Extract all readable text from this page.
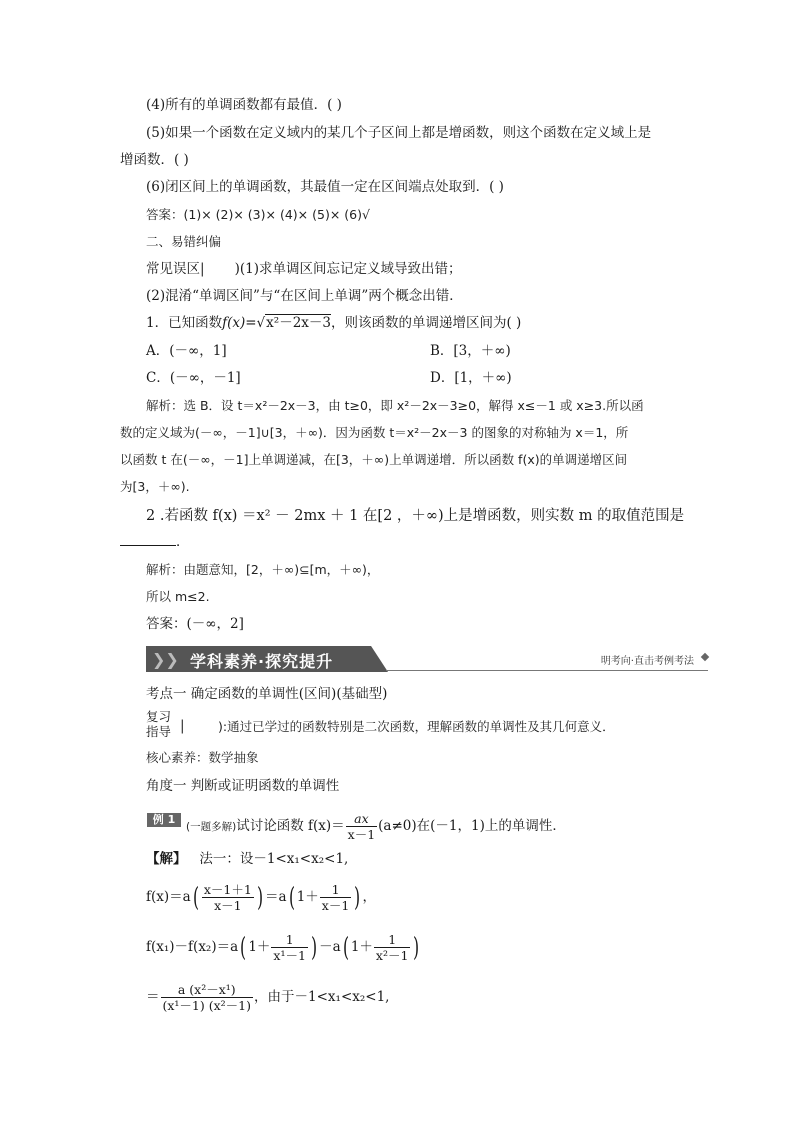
(4)所有的单调函数都有最值．( )
(5)如果一个函数在定义域内的某几个子区间上都是增函数，则这个函数在定义域上是
增函数．( )
(6)闭区间上的单调函数，其最值一定在区间端点处取到．( )
答案：(1)× (2)× (3)× (4)× (5)× (6)√
二、易错纠偏
常见误区| )(1)求单调区间忘记定义域导致出错；
(2)混淆“单调区间”与“在区间上单调”两个概念出错．
1．已知函数f(x)=√x²－2x－3，则该函数的单调递增区间为( )
A．(－∞，1]	B．[3，＋∞)
C．(－∞，－1]	D．[1，＋∞)
解析：选 B．设 t＝x²－2x－3，由 t≥0，即 x²－2x－3≥0，解得 x≤－1 或 x≥3.所以函
数的定义域为(－∞，－1]∪[3，＋∞)．因为函数 t＝x²－2x－3 的图象的对称轴为 x＝1，所
以函数 t 在(－∞，－1]上单调递减，在[3，＋∞)上单调递增．所以函数 f(x)的单调递增区间
为[3，＋∞).
2 .若函数 f(x) ＝x² － 2mx ＋ 1 在[2 ，＋∞)上是增函数，则实数 m 的取值范围是
．
解析：由题意知，[2，＋∞)⊆[m，＋∞)，
所以 m≤2.
答案：(－∞，2]
❯❯ 学科素养·探究提升	明考向·直击考例考法
考点一 确定函数的单调性(区间)(基础型)
复习
指导 |	):通过已学过的函数特别是二次函数，理解函数的单调性及其几何意义．
核心素养：数学抽象
角度一 判断或证明函数的单调性
例 1
(一题多解)试讨论函数 $f(x)= \frac{ax}{x-1} (a\ne 0)$在(－1，1)上的单调性．
【解】 法一：设－1<x₁<x₂<1,
$f(x)=a( \frac{x-1+1}{x-1}$ ) ＝a( $1+ \frac{1}{x-1}$ ) ，
f(x₁)－f(x₂)＝a( $1+ \frac{1}{\text{x¹－1}}$ ) －a( $1+ \frac{1}{\text{x²－1}}$ )
＝ $\frac{\text{a (x²－x¹)}}{\text{(x¹－1) (x²－1)}}$ ，由于－1<x₁<x₂<1,
